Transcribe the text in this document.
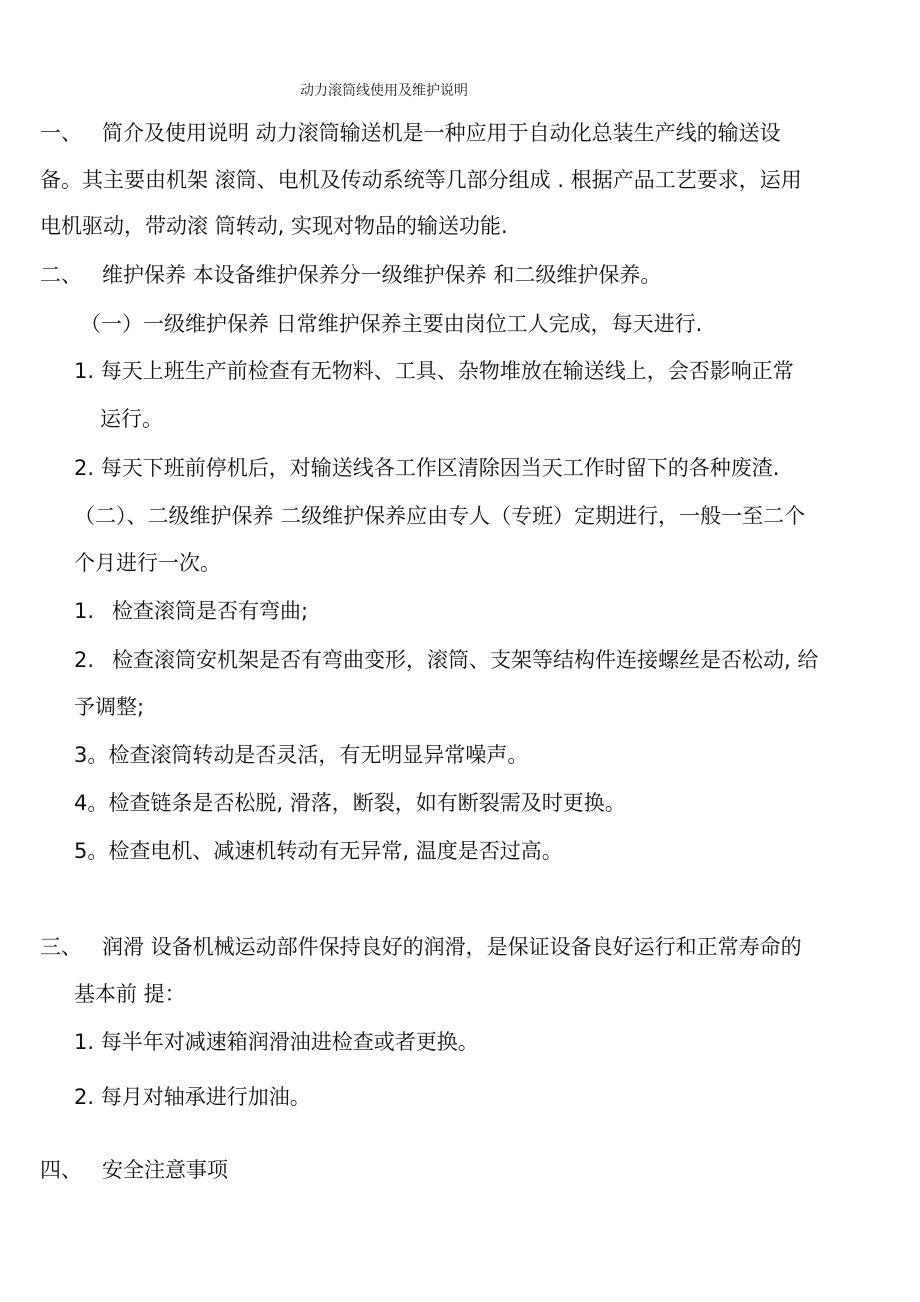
动力滚筒线使用及维护说明
一、 简介及使用说明 动力滚筒输送机是一种应用于自动化总装生产线的输送设
备。其主要由机架 滚筒、电机及传动系统等几部分组成 . 根据产品工艺要求，运用
电机驱动，带动滚 筒转动, 实现对物品的输送功能.
二、 维护保养 本设备维护保养分一级维护保养 和二级维护保养。
（一）一级维护保养 日常维护保养主要由岗位工人完成，每天进行.
1. 每天上班生产前检查有无物料、工具、杂物堆放在输送线上，会否影响正常
运行。
2. 每天下班前停机后，对输送线各工作区清除因当天工作时留下的各种废渣.
（二）、二级维护保养 二级维护保养应由专人（专班）定期进行，一般一至二个
个月进行一次。
1. 检查滚筒是否有弯曲;
2. 检查滚筒安机架是否有弯曲变形，滚筒、支架等结构件连接螺丝是否松动, 给
予调整;
3。检查滚筒转动是否灵活，有无明显异常噪声。
4。检查链条是否松脱, 滑落，断裂，如有断裂需及时更换。
5。检查电机、减速机转动有无异常, 温度是否过高。
三、 润滑 设备机械运动部件保持良好的润滑，是保证设备良好运行和正常寿命的
基本前 提：
1. 每半年对减速箱润滑油进检查或者更换。
2. 每月对轴承进行加油。
四、 安全注意事项
